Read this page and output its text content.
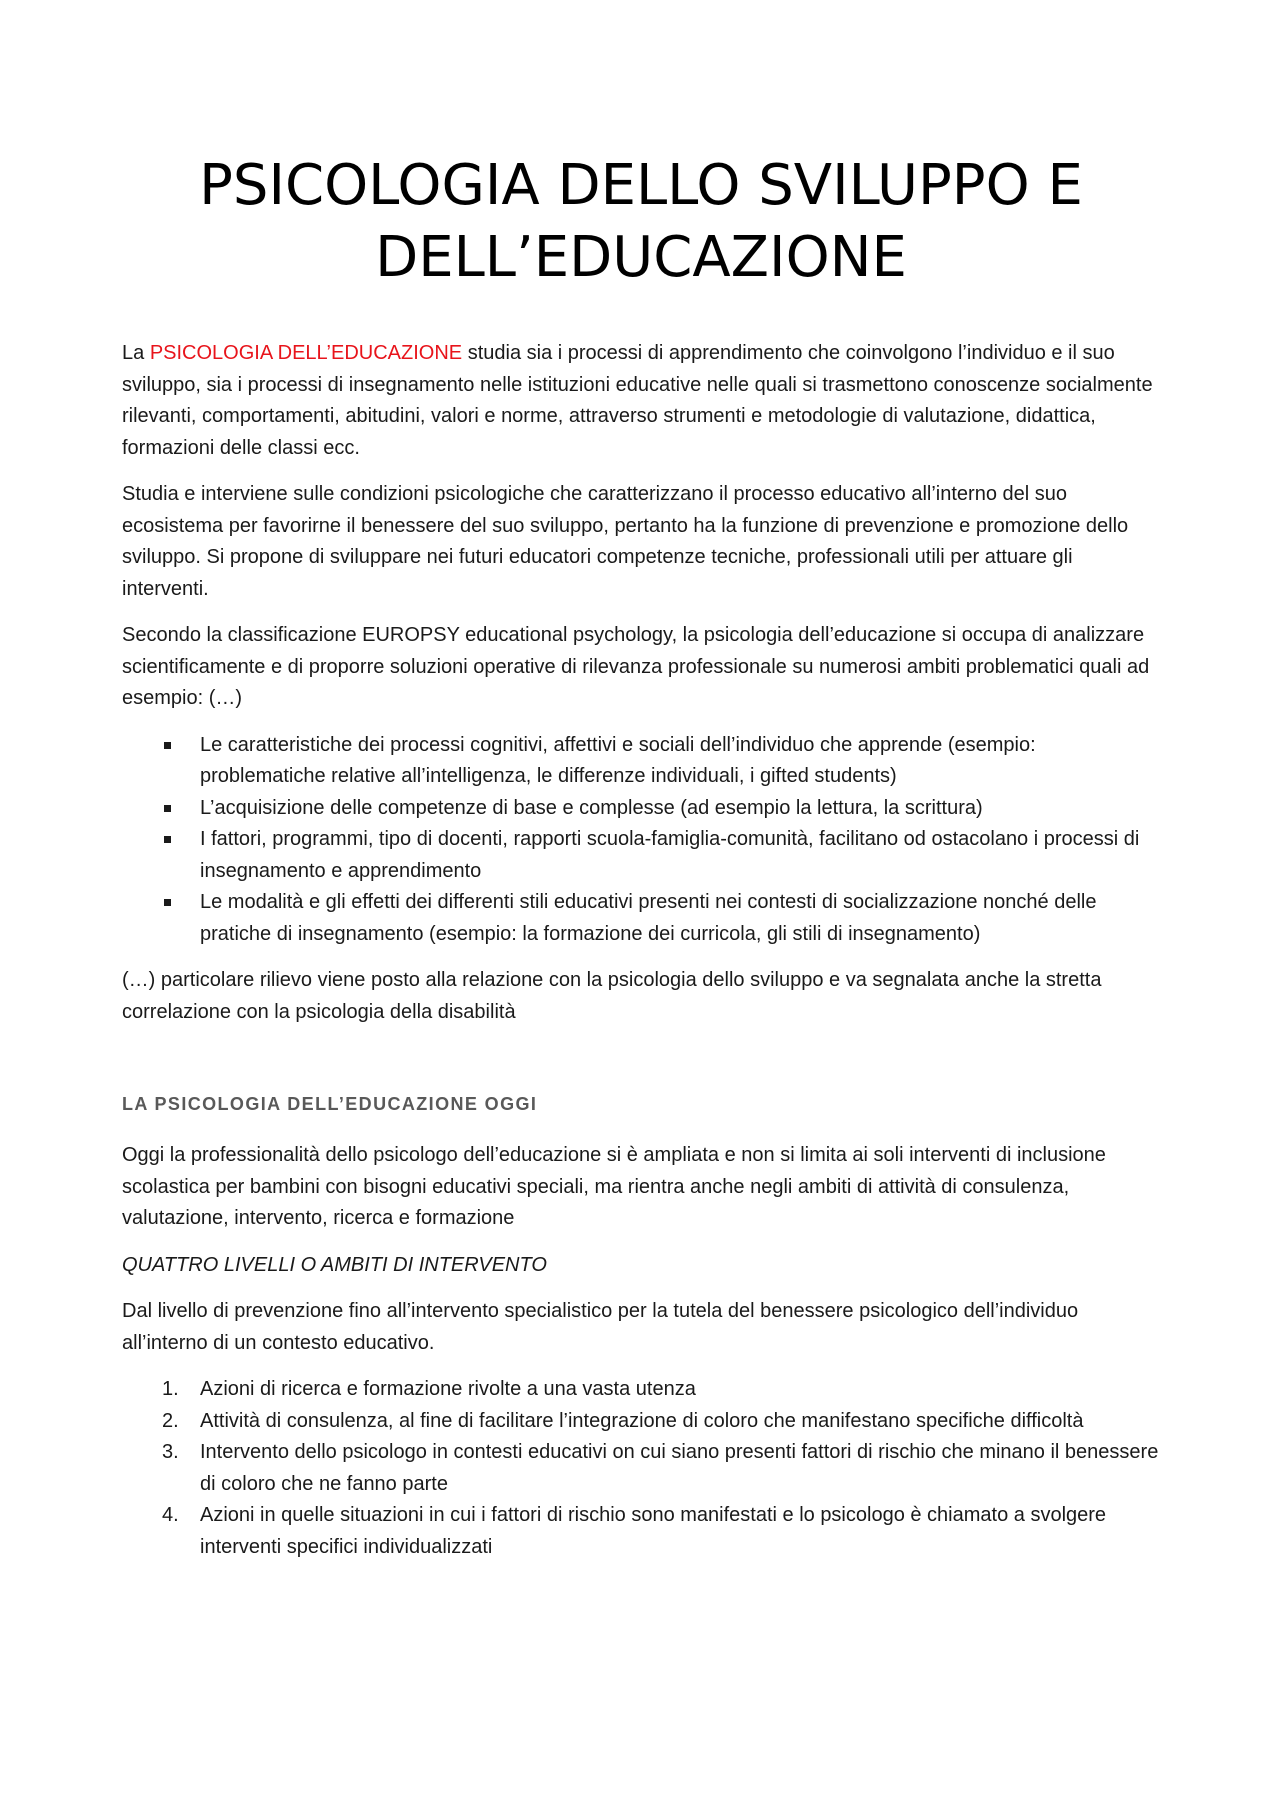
PSICOLOGIA DELLO SVILUPPO E
DELL’EDUCAZIONE

La PSICOLOGIA DELL’EDUCAZIONE studia sia i processi di apprendimento che coinvolgono l’individuo e il suo sviluppo, sia i processi di insegnamento nelle istituzioni educative nelle quali si trasmettono conoscenze socialmente rilevanti, comportamenti, abitudini, valori e norme, attraverso strumenti e metodologie di valutazione, didattica, formazioni delle classi ecc.

Studia e interviene sulle condizioni psicologiche che caratterizzano il processo educativo all’interno del suo ecosistema per favorirne il benessere del suo sviluppo, pertanto ha la funzione di prevenzione e promozione dello sviluppo. Si propone di sviluppare nei futuri educatori competenze tecniche, professionali utili per attuare gli interventi.

Secondo la classificazione EUROPSY educational psychology, la psicologia dell’educazione si occupa di analizzare scientificamente e di proporre soluzioni operative di rilevanza professionale su numerosi ambiti problematici quali ad esempio: (…)

Le caratteristiche dei processi cognitivi, affettivi e sociali dell’individuo che apprende (esempio: problematiche relative all’intelligenza, le differenze individuali, i gifted students)
L’acquisizione delle competenze di base e complesse (ad esempio la lettura, la scrittura)
I fattori, programmi, tipo di docenti, rapporti scuola-famiglia-comunità, facilitano od ostacolano i processi di insegnamento e apprendimento
Le modalità e gli effetti dei differenti stili educativi presenti nei contesti di socializzazione nonché delle pratiche di insegnamento (esempio: la formazione dei curricola, gli stili di insegnamento)

(…) particolare rilievo viene posto alla relazione con la psicologia dello sviluppo e va segnalata anche la stretta correlazione con la psicologia della disabilità

LA PSICOLOGIA DELL’EDUCAZIONE OGGI

Oggi la professionalità dello psicologo dell’educazione si è ampliata e non si limita ai soli interventi di inclusione scolastica per bambini con bisogni educativi speciali, ma rientra anche negli ambiti di attività di consulenza, valutazione, intervento, ricerca e formazione

QUATTRO LIVELLI O AMBITI DI INTERVENTO

Dal livello di prevenzione fino all’intervento specialistico per la tutela del benessere psicologico dell’individuo all’interno di un contesto educativo.

1. Azioni di ricerca e formazione rivolte a una vasta utenza
2. Attività di consulenza, al fine di facilitare l’integrazione di coloro che manifestano specifiche difficoltà
3. Intervento dello psicologo in contesti educativi on cui siano presenti fattori di rischio che minano il benessere di coloro che ne fanno parte
4. Azioni in quelle situazioni in cui i fattori di rischio sono manifestati e lo psicologo è chiamato a svolgere interventi specifici individualizzati
